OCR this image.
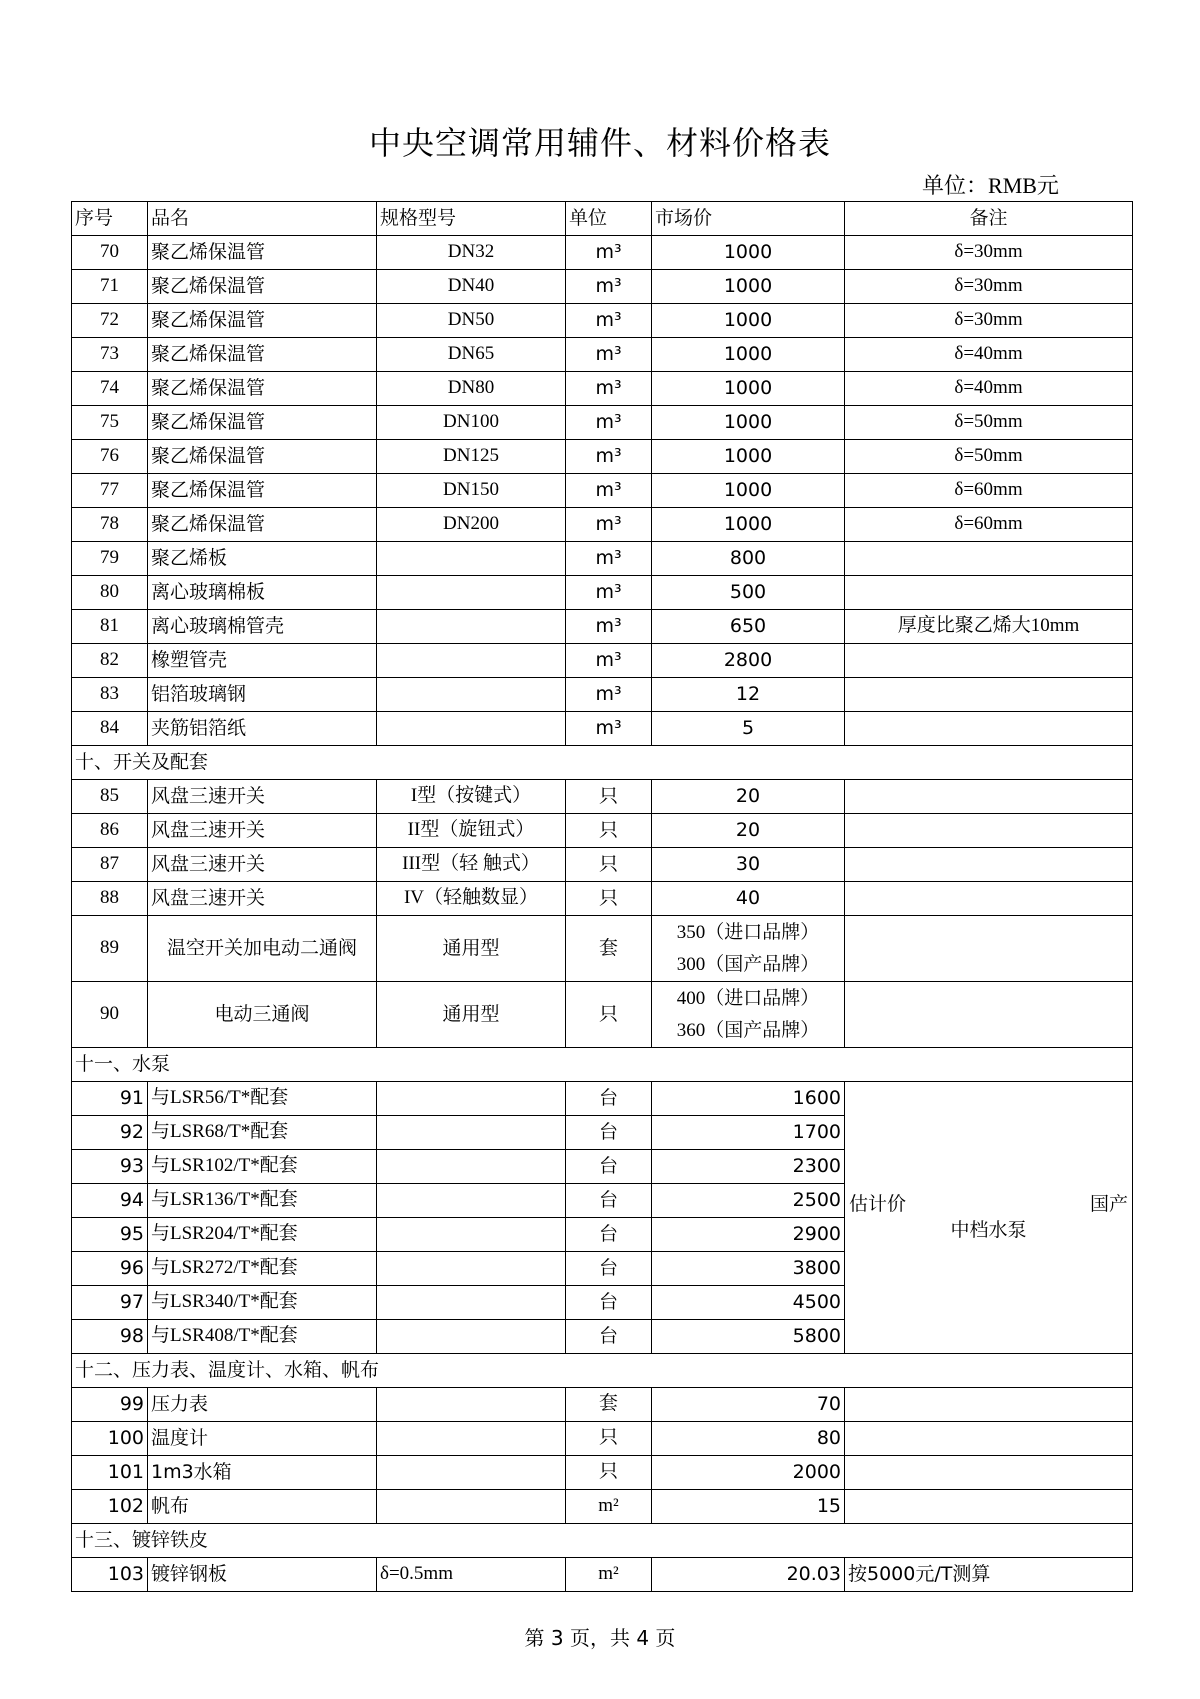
中央空调常用辅件、材料价格表
单位：RMB元
序号	品名	规格型号	单位	市场价	备注
70	聚乙烯保温管	DN32	m³	1000	δ=30mm
71	聚乙烯保温管	DN40	m³	1000	δ=30mm
72	聚乙烯保温管	DN50	m³	1000	δ=30mm
73	聚乙烯保温管	DN65	m³	1000	δ=40mm
74	聚乙烯保温管	DN80	m³	1000	δ=40mm
75	聚乙烯保温管	DN100	m³	1000	δ=50mm
76	聚乙烯保温管	DN125	m³	1000	δ=50mm
77	聚乙烯保温管	DN150	m³	1000	δ=60mm
78	聚乙烯保温管	DN200	m³	1000	δ=60mm
79	聚乙烯板		m³	800	
80	离心玻璃棉板		m³	500	
81	离心玻璃棉管壳		m³	650	厚度比聚乙烯大10mm
82	橡塑管壳		m³	2800	
83	铝箔玻璃钢		m³	12	
84	夹筋铝箔纸		m³	5	
十、开关及配套					
85	风盘三速开关	I型（按键式）	只	20	
86	风盘三速开关	II型（旋钮式）	只	20	
87	风盘三速开关	III型（轻 触式）	只	30	
88	风盘三速开关	IV（轻触数显）	只	40	
89	温空开关加电动二通阀	通用型	套	350（进口品牌）
300（国产品牌）	

90	电动三通阀	通用型	只	400（进口品牌）
360（国产品牌）	

十一、水泵					
91	与LSR56/T*配套		台	1600	估计价 国产
中档水泵

92	与LSR68/T*配套		台	1700	
93	与LSR102/T*配套		台	2300	
94	与LSR136/T*配套		台	2500	
95	与LSR204/T*配套		台	2900	
96	与LSR272/T*配套		台	3800	
97	与LSR340/T*配套		台	4500	
98	与LSR408/T*配套		台	5800	
十二、压力表、温度计、水箱、帆布					
99	压力表		套	70	
100	温度计		只	80	
101	1m3水箱		只	2000	
102	帆布		m²	15	
十三、镀锌铁皮					
103	镀锌钢板	δ=0.5mm	m²	20.03	按5000元/T测算
第 3 页，共 4 页
